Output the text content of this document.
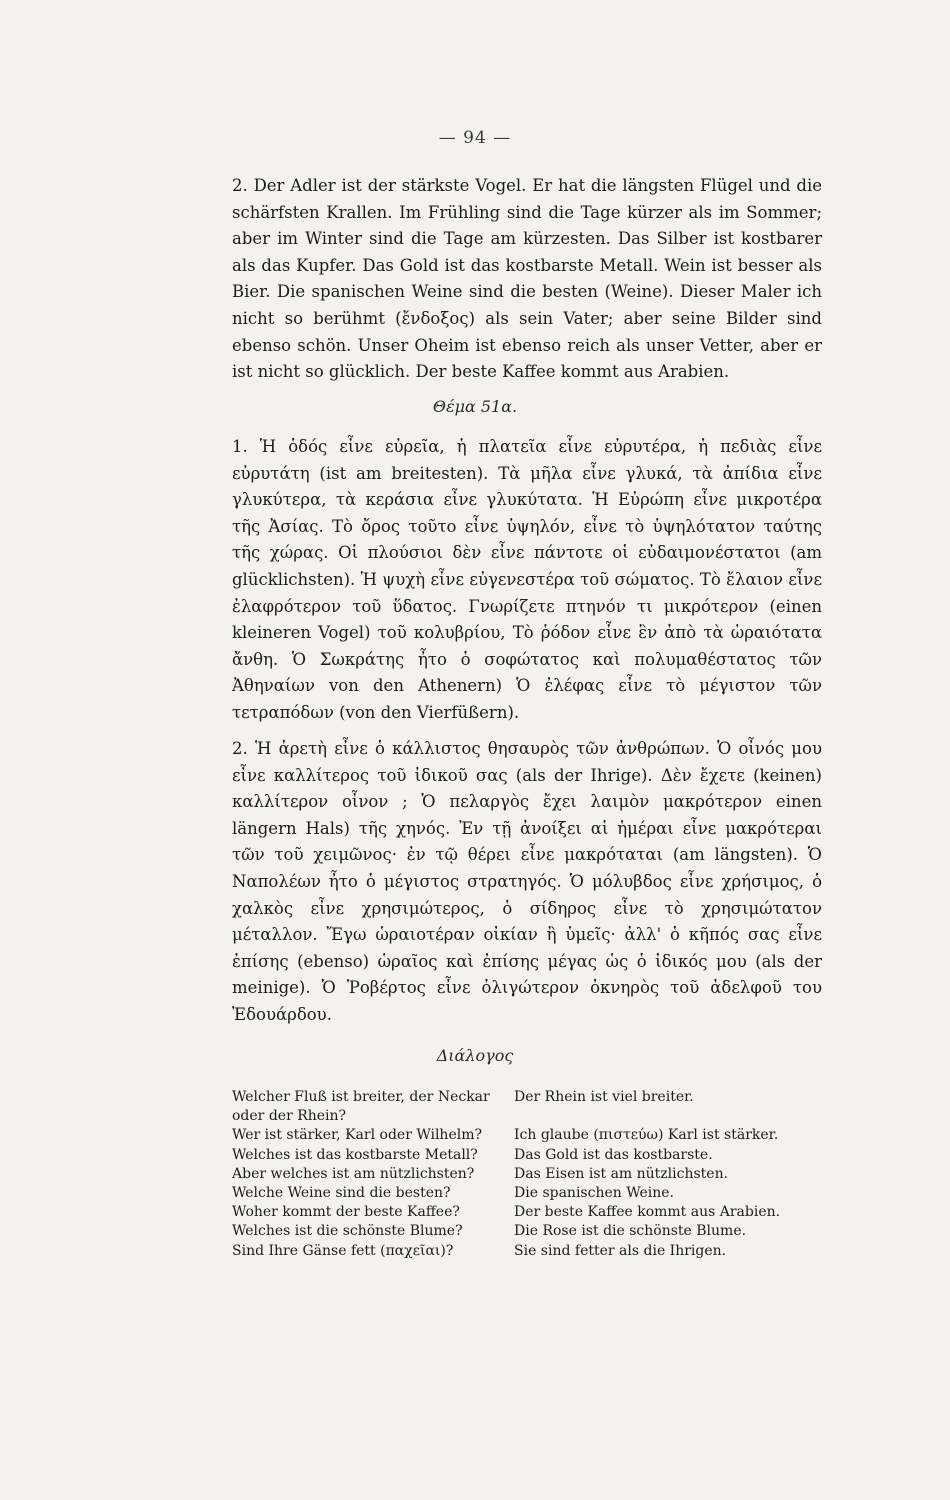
— 94 —

2. Der Adler ist der stärkste Vogel. Er hat die längsten Flügel und die schärfsten Krallen. Im Frühling sind die Tage kürzer als im Sommer; aber im Winter sind die Tage am kürzesten. Das Silber ist kostbarer als das Kupfer. Das Gold ist das kostbarste Metall. Wein ist besser als Bier. Die spanischen Weine sind die besten (Weine). Dieser Maler ich nicht so berühmt (ἔνδοξος) als sein Vater; aber seine Bilder sind ebenso schön. Unser Oheim ist ebenso reich als unser Vetter, aber er ist nicht so glücklich. Der beste Kaffee kommt aus Arabien.

Θέμα 51α.

1. Ἡ ὁδός εἶνε εὐρεῖα, ἡ πλατεῖα εἶνε εὐρυτέρα, ἡ πεδιὰς εἶνε εὐρυτάτη (ist am breitesten). Τὰ μῆλα εἶνε γλυκά, τὰ ἀπίδια εἶνε γλυκύτερα, τὰ κεράσια εἶνε γλυκύτατα. Ἡ Εὐρώπη εἶνε μικροτέρα τῆς Ἀσίας. Τὸ ὄρος τοῦτο εἶνε ὑψηλόν, εἶνε τὸ ὑψηλότατον ταύτης τῆς χώρας. Οἱ πλούσιοι δὲν εἶνε πάντοτε οἱ εὐδαιμονέστατοι (am glücklichsten). Ἡ ψυχὴ εἶνε εὐγενεστέρα τοῦ σώματος. Τὸ ἔλαιον εἶνε ἐλαφρότερον τοῦ ὕδατος. Γνωρίζετε πτηνόν τι μικρότερον (einen kleineren Vogel) τοῦ κολυβρίου, Τὸ ῥόδον εἶνε ἓν ἀπὸ τὰ ὡραιότατα ἄνθη. Ὁ Σωκράτης ἦτο ὁ σοφώτατος καὶ πολυμαθέστατος τῶν Ἀθηναίων von den Athenern) Ὁ ἐλέφας εἶνε τὸ μέγιστον τῶν τετραπόδων (von den Vierfüßern).

2. Ἡ ἀρετὴ εἶνε ὁ κάλλιστος θησαυρὸς τῶν ἀνθρώπων. Ὁ οἶνός μου εἶνε καλλίτερος τοῦ ἰδικοῦ σας (als der Ihrige). Δὲν ἔχετε (keinen) καλλίτερον οἶνον ; Ὁ πελαργὸς ἔχει λαιμὸν μακρότερον einen längern Hals) τῆς χηνός. Ἐν τῇ ἀνοίξει αἱ ἡμέραι εἶνε μακρότεραι τῶν τοῦ χειμῶνος· ἐν τῷ θέρει εἶνε μακρόταται (am längsten). Ὁ Ναπολέων ἦτο ὁ μέγιστος στρατηγός. Ὁ μόλυβδος εἶνε χρήσιμος, ὁ χαλκὸς εἶνε χρησιμώτερος, ὁ σίδηρος εἶνε τὸ χρησιμώτατον μέταλλον. Ἔγω ὡραιοτέραν οἰκίαν ἢ ὑμεῖς· ἀλλ' ὁ κῆπός σας εἶνε ἐπίσης (ebenso) ὡραῖος καὶ ἐπίσης μέγας ὡς ὁ ἰδικός μου (als der meinige). Ὁ Ῥοβέρτος εἶνε ὀλιγώτερον ὀκνηρὸς τοῦ ἀδελφοῦ του Ἐδουάρδου.

Διάλογος
Welcher Fluß ist breiter, der Neckar oder der Rhein?
Wer ist stärker, Karl oder Wilhelm?
Welches ist das kostbarste Metall?
Aber welches ist am nützlichsten?
Welche Weine sind die besten?
Woher kommt der beste Kaffee?
Welches ist die schönste Blume?
Sind Ihre Gänse fett (παχεῖαι)?
Der Rhein ist viel breiter.

Ich glaube (πιστεύω) Karl ist stärker.
Das Gold ist das kostbarste.
Das Eisen ist am nützlichsten.
Die spanischen Weine.
Der beste Kaffee kommt aus Arabien.
Die Rose ist die schönste Blume.
Sie sind fetter als die Ihrigen.
